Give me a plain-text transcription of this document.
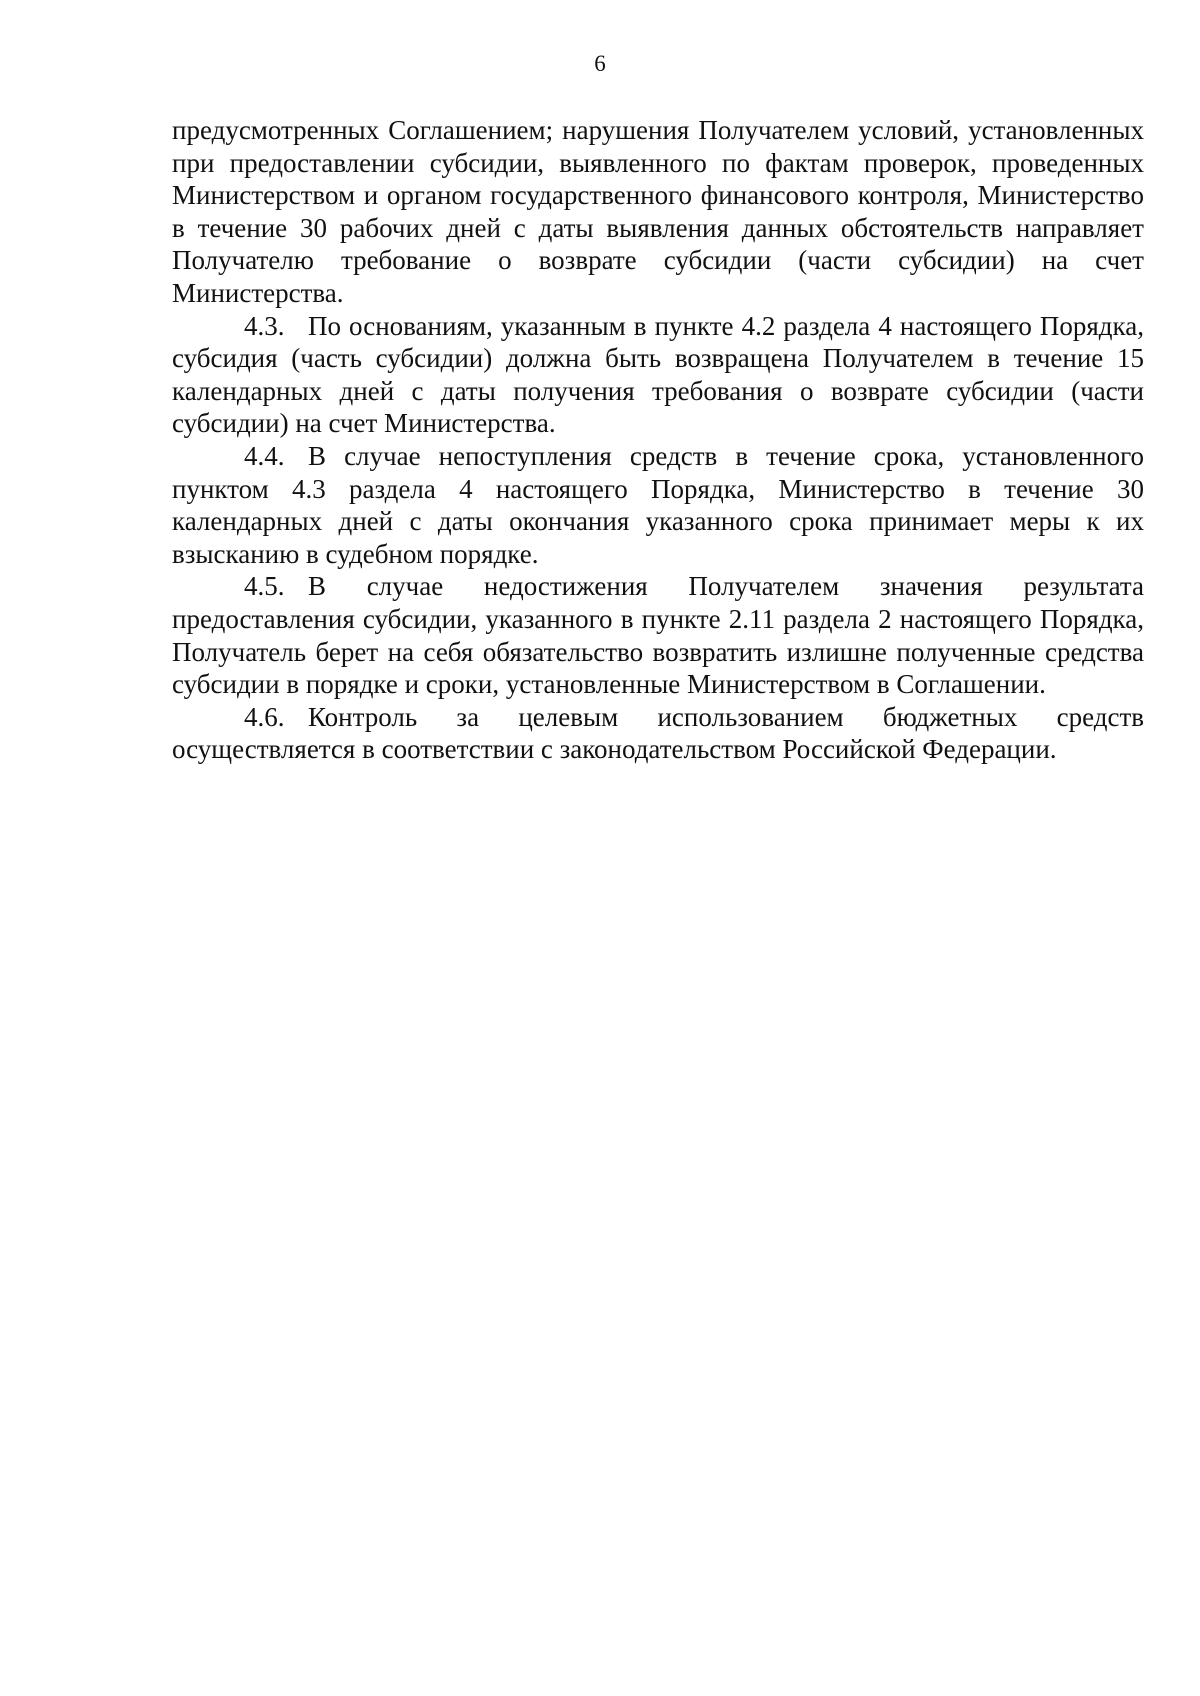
6

предусмотренных Соглашением; нарушения Получателем условий, установленных при предоставлении субсидии, выявленного по фактам проверок, проведенных Министерством и органом государственного финансового контроля, Министерство в течение 30 рабочих дней с даты выявления данных обстоятельств направляет Получателю требование о возврате субсидии (части субсидии) на счет Министерства.

4.3. По основаниям, указанным в пункте 4.2 раздела 4 настоящего Порядка, субсидия (часть субсидии) должна быть возвращена Получателем в течение 15 календарных дней с даты получения требования о возврате субсидии (части субсидии) на счет Министерства.

4.4. В случае непоступления средств в течение срока, установленного пунктом 4.3 раздела 4 настоящего Порядка, Министерство в течение 30 календарных дней с даты окончания указанного срока принимает меры к их взысканию в судебном порядке.

4.5. В случае недостижения Получателем значения результата предоставления субсидии, указанного в пункте 2.11 раздела 2 настоящего Порядка, Получатель берет на себя обязательство возвратить излишне полученные средства субсидии в порядке и сроки, установленные Министерством в Соглашении.

4.6. Контроль за целевым использованием бюджетных средств осуществляется в соответствии с законодательством Российской Федерации.
